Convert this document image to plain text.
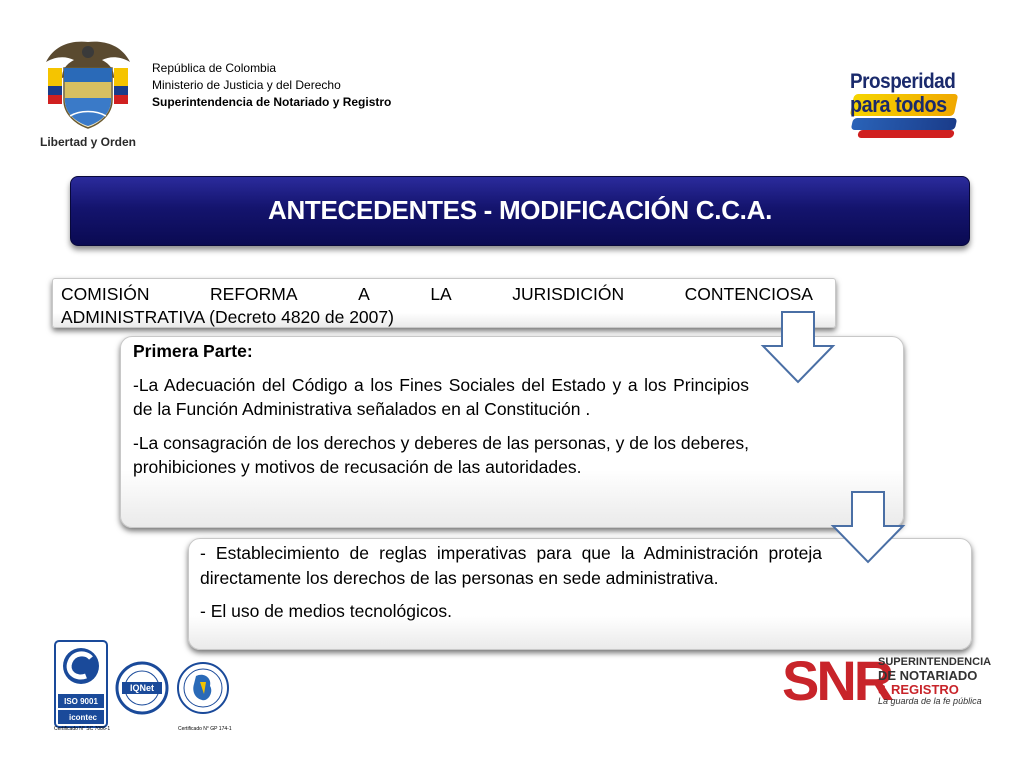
Libertad y Orden
República de Colombia
Ministerio de Justicia y del Derecho
Superintendencia de Notariado y Registro
Prosperidad
para todos
ANTECEDENTES - MODIFICACIÓN C.C.A.
COMISIÓN	REFORMA	A	LA	JURISDICIÓN	CONTENCIOSA
ADMINISTRATIVA (Decreto 4820 de 2007)

Primera Parte:

-La Adecuación del Código a los Fines Sociales del Estado y a los Principios de la Función Administrativa señalados en al Constitución .

-La consagración de los derechos y deberes de las personas, y de los deberes, prohibiciones y motivos de recusación de las autoridades.

- Establecimiento de reglas imperativas para que la Administración proteja directamente los derechos de las personas en sede administrativa.

- El uso de medios tecnológicos.

ISO 9001
icontec
Certificado N° SC 7086-1
IQNet
Certificado N° GP 174-1
SNR
SUPERINTENDENCIA
DE NOTARIADO
& REGISTRO
La guarda de la fe pública
